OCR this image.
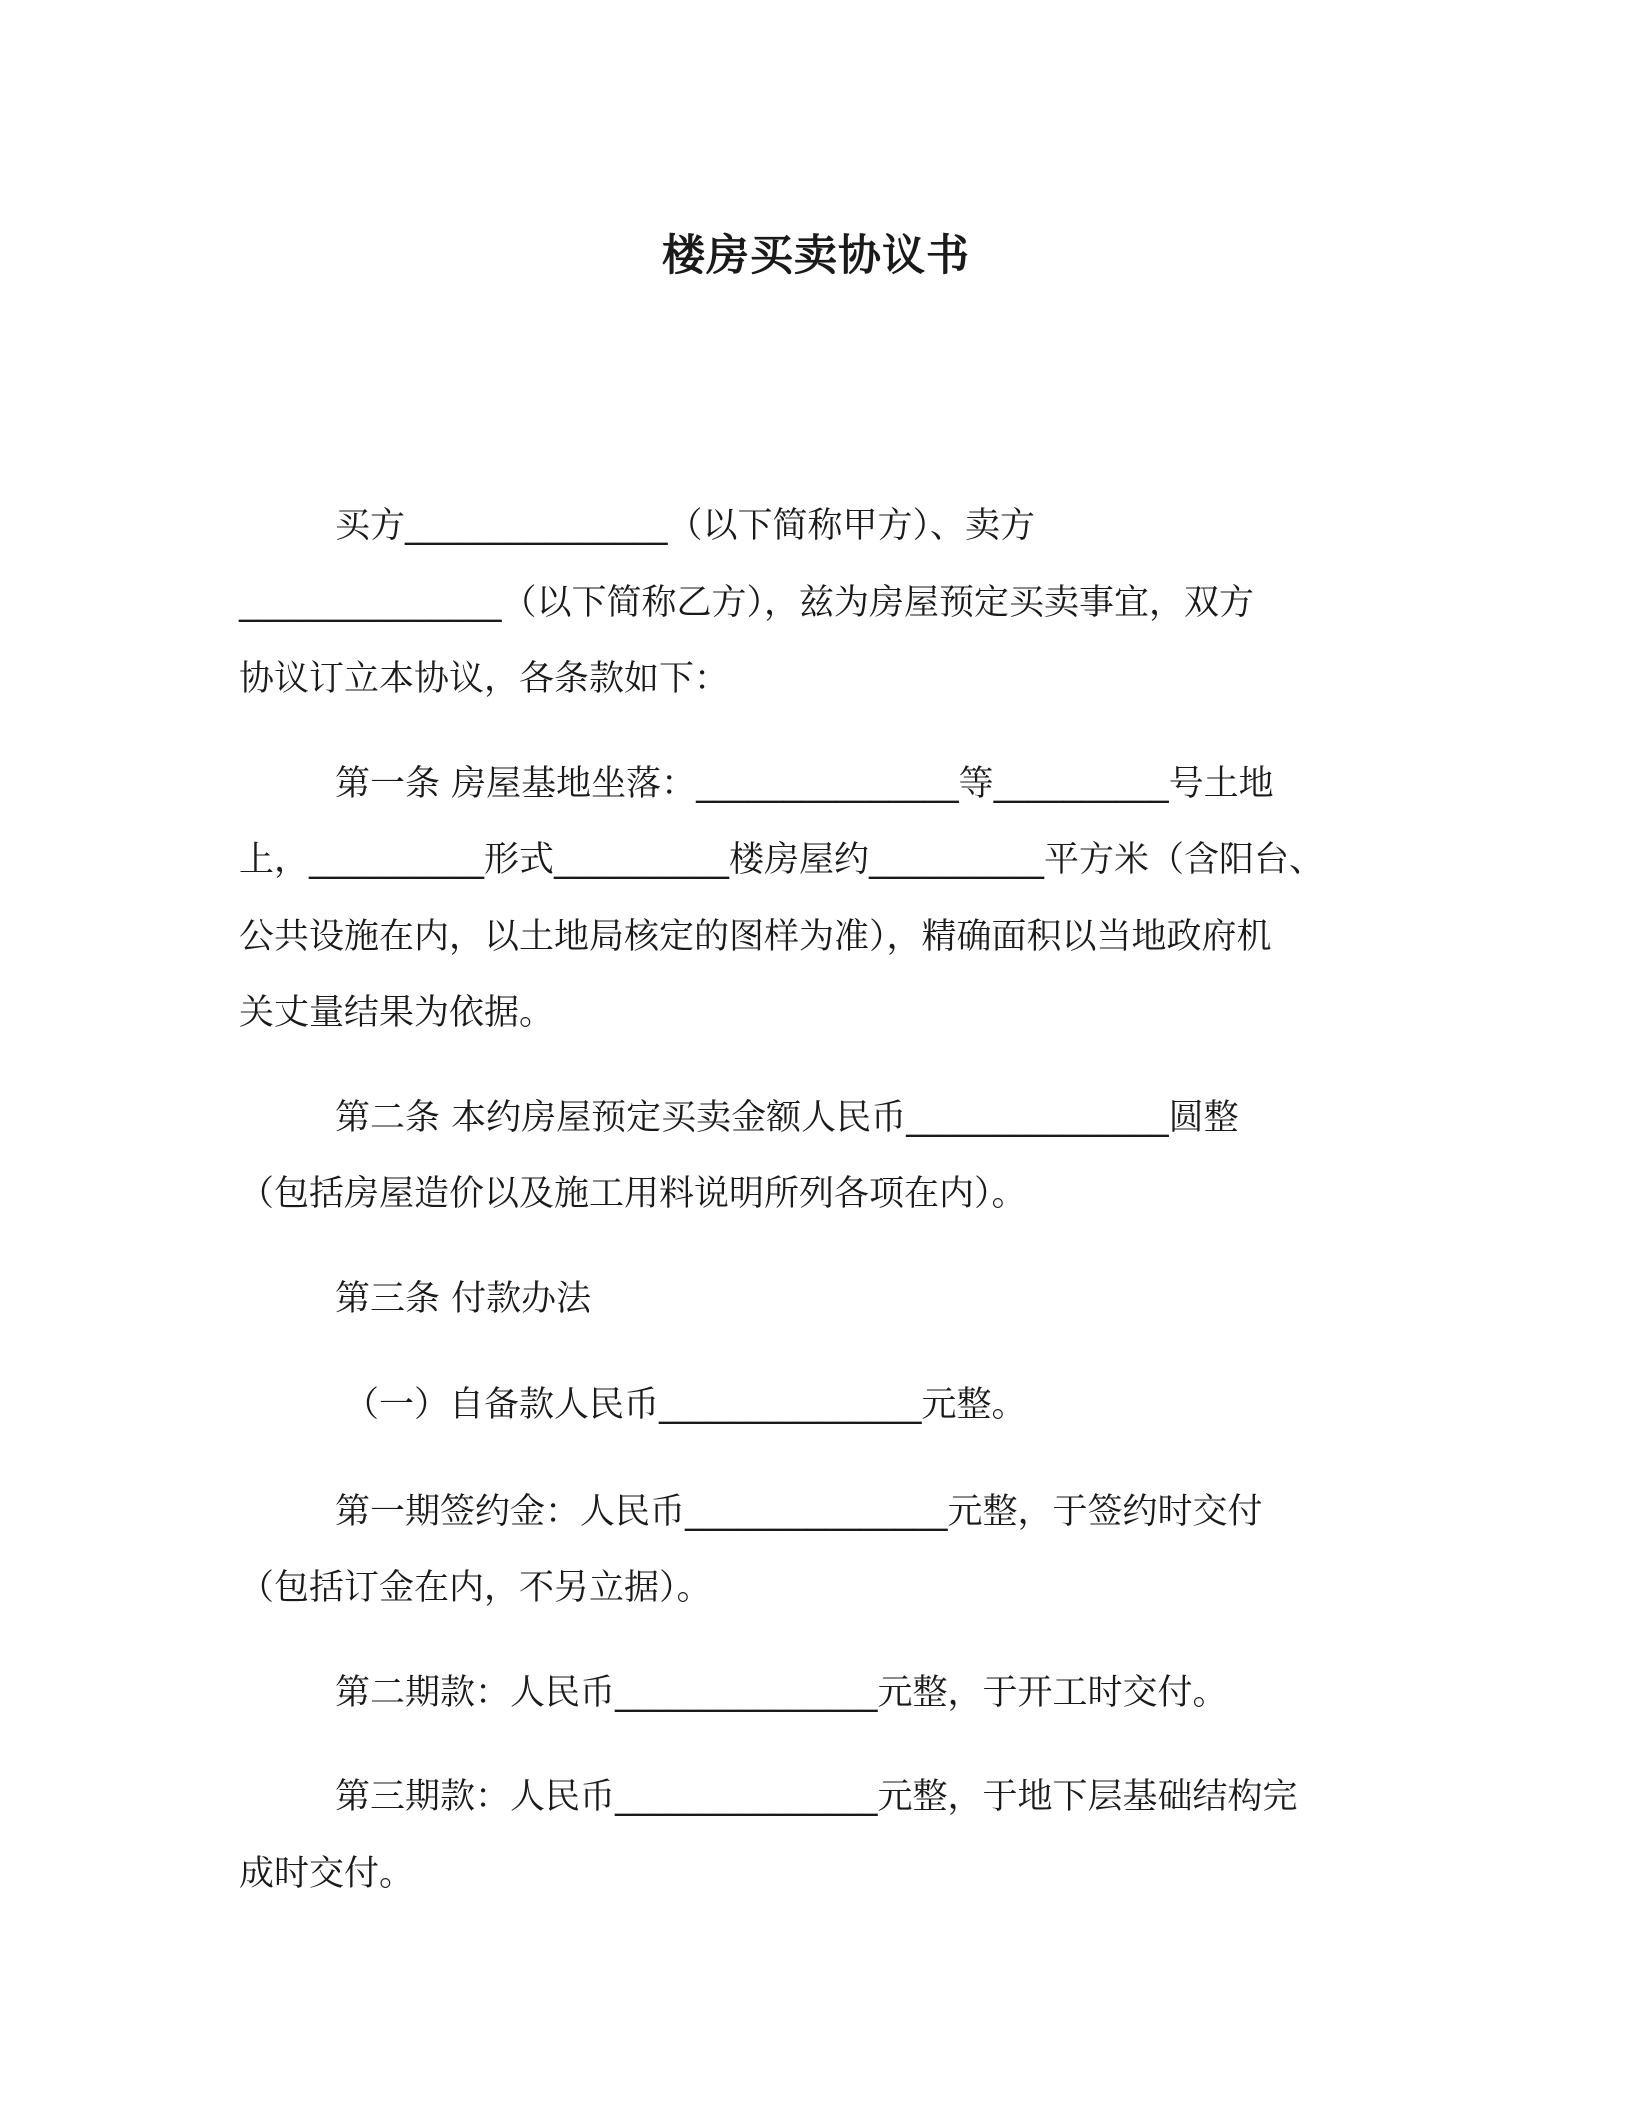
楼房买卖协议书

买方_______________（以下简称甲方）、卖方

_______________（以下简称乙方），兹为房屋预定买卖事宜，双方

协议订立本协议，各条款如下：

第一条 房屋基地坐落：_______________等__________号土地

上，__________形式__________楼房屋约__________平方米（含阳台、

公共设施在内，以土地局核定的图样为准），精确面积以当地政府机

关丈量结果为依据。

第二条 本约房屋预定买卖金额人民币_______________圆整

（包括房屋造价以及施工用料说明所列各项在内）。

第三条 付款办法

（一）自备款人民币_______________元整。

第一期签约金：人民币_______________元整，于签约时交付

（包括订金在内，不另立据）。

第二期款：人民币_______________元整，于开工时交付。

第三期款：人民币_______________元整，于地下层基础结构完

成时交付。
